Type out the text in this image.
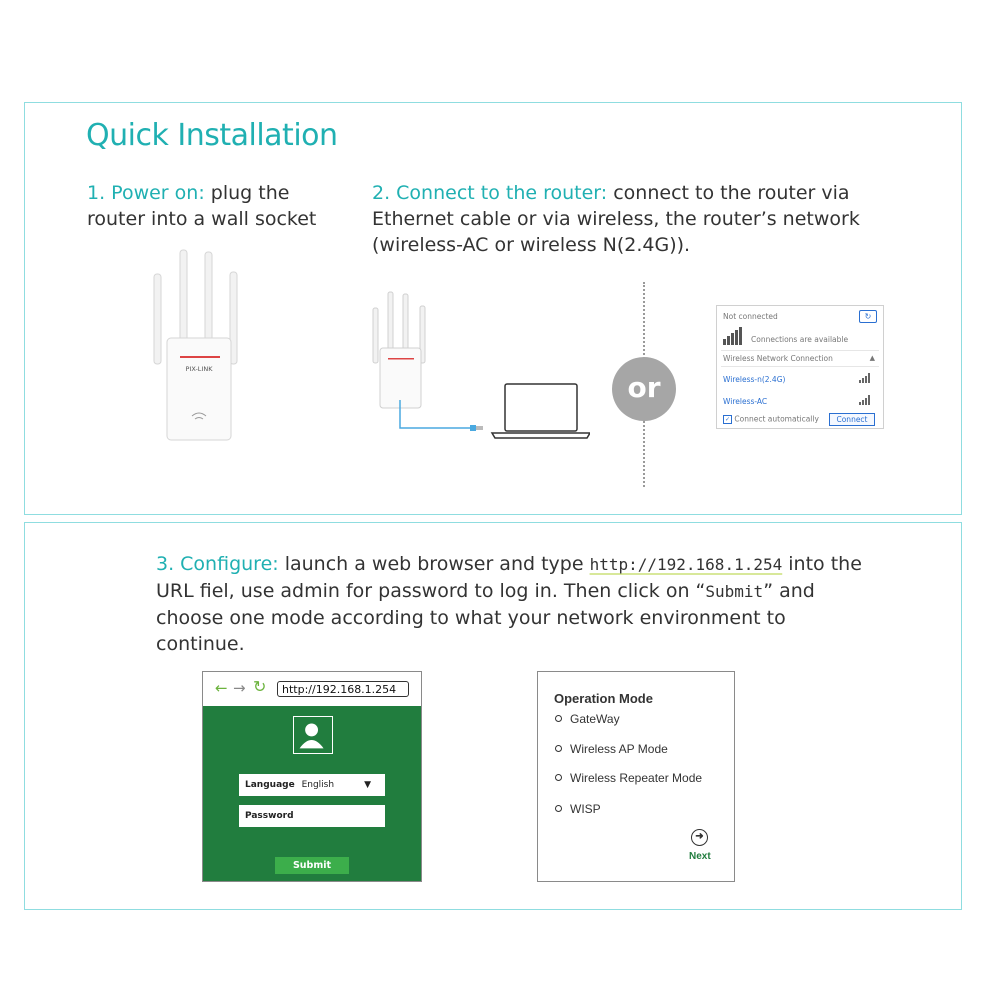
Quick Installation

1. Power on: plug the router into a wall socket

2. Connect to the router: connect to the router via Ethernet cable or via wireless, the router’s network (wireless-AC or wireless N(2.4G)).

PIX-LINK
or
Not connected	↻
Connections are available
Wireless Network Connection	▲
Wireless-n(2.4G)
Wireless-AC
✓ Connect automatically	Connect

3. Configure: launch a web browser and type http://192.168.1.254 into the URL fiel, use admin for password to log in. Then click on “Submit” and choose one mode according to what your network environment to continue.

← → ↻	http://192.168.1.254
Language English	▼
Password
Submit

Operation Mode

GateWay
Wireless AP Mode
Wireless Repeater Mode
WISP
➜
Next
